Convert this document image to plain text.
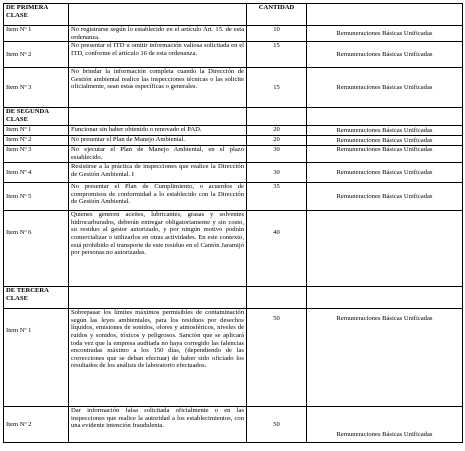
DE PRIMERA CLASE		CANTIDAD	
Item Nº 1	No registrarse según lo establecido en el artículo Art. 15. de esta ordenanza.	10	Remuneraciones Básicas Unificadas
Item Nº 2	No presentar el ITD u omitir información valiosa solicitada en el ITD, conforme el artículo 16 de esta ordenanza.	15	Remuneraciones Básicas Unificadas
Item Nº 3	No brindar la información completa cuando la Dirección de Gestión ambiental realice las inspecciones técnicas o las solicite oficialmente, sean estas específicas o generales.	15	Remuneraciones Básicas Unificadas
DE SEGUNDA CLASE			
Item Nº 1	Funcionar sin haber obtenido o renovado el PAD.	20	Remuneraciones Básicas Unificadas
Item Nº 2	No presentar el Plan de Manejo Ambiental.	20	Remuneraciones Básicas Unificadas
Item Nº 3	No ejecutar el Plan de Manejo Ambiental, en el plazo establecido.	30	Remuneraciones Básicas Unificadas
Item Nº 4	Resistirse a la práctica de inspecciones que realice la Dirección de Gestión Ambiental. I	30	Remuneraciones Básicas Unificadas
Item Nº 5	No presentar el Plan de Cumplimiento, o acuerdos de compromisos de conformidad a lo establecido con la Dirección de Gestión Ambiental.	35	Remuneraciones Básicas Unificadas
Item Nº 6	Quienes generen aceites, lubricantes, grasas y solventes hidrocarburados, deberán entregar obligatoriamente y sin costo, su residuo al gestor autorizado, y por ningún motivo podrán comercializar o utilizarlos en otras actividades. En este contexto, está prohibido el transporte de este residuo en el Cantón Jaramijó por personas no autorizadas.	40	
DE TERCERA CLASE			
Item Nº 1	Sobrepasar los límites máximos permisibles de contaminación según las leyes ambientales, para los residuos por desechos líquidos, emisiones de sonidos, olores y atmosféricos, niveles de ruidos y sonidos, tóxicos y peligrosos. Sanción que se aplicará toda vez que la empresa auditada no haya corregido las falencias encontradas máximo a los 150 días, (dependiendo de las correcciones que se deban efectuar) de haber sido oficiado los resultados de los análisis de laboratorio efectuados.	50	Remuneraciones Básicas Unificadas
Item Nº 2	Dar información falsa solicitada oficialmente o en las inspecciones que realice la autoridad a los establecimientos, con una evidente intención fraudulenta.	50	Remuneraciones Básicas Unificadas
